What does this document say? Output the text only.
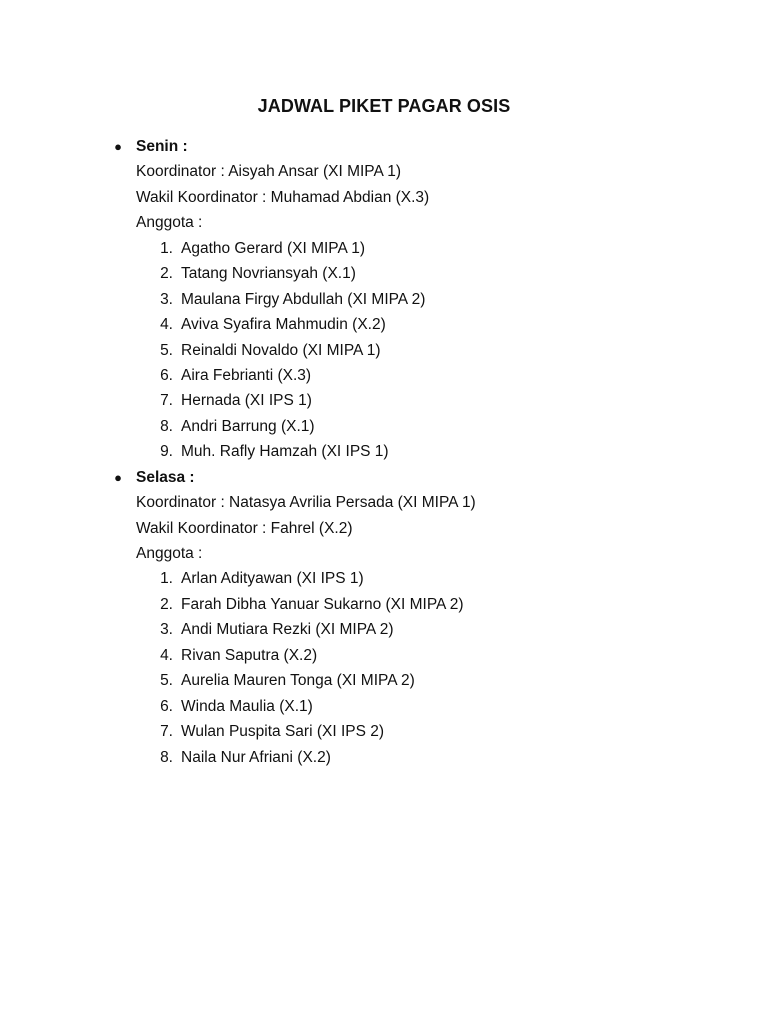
JADWAL PIKET PAGAR OSIS
● Senin :
Koordinator : Aisyah Ansar (XI MIPA 1)
Wakil Koordinator : Muhamad Abdian (X.3)
Anggota :
1. Agatho Gerard (XI MIPA 1)
2. Tatang Novriansyah (X.1)
3. Maulana Firgy Abdullah (XI MIPA 2)
4. Aviva Syafira Mahmudin (X.2)
5. Reinaldi Novaldo (XI MIPA 1)
6. Aira Febrianti (X.3)
7. Hernada (XI IPS 1)
8. Andri Barrung (X.1)
9. Muh. Rafly Hamzah (XI IPS 1)
● Selasa :
Koordinator : Natasya Avrilia Persada (XI MIPA 1)
Wakil Koordinator : Fahrel (X.2)
Anggota :
1. Arlan Adityawan (XI IPS 1)
2. Farah Dibha Yanuar Sukarno (XI MIPA 2)
3. Andi Mutiara Rezki (XI MIPA 2)
4. Rivan Saputra (X.2)
5. Aurelia Mauren Tonga (XI MIPA 2)
6. Winda Maulia (X.1)
7. Wulan Puspita Sari (XI IPS 2)
8. Naila Nur Afriani (X.2)
